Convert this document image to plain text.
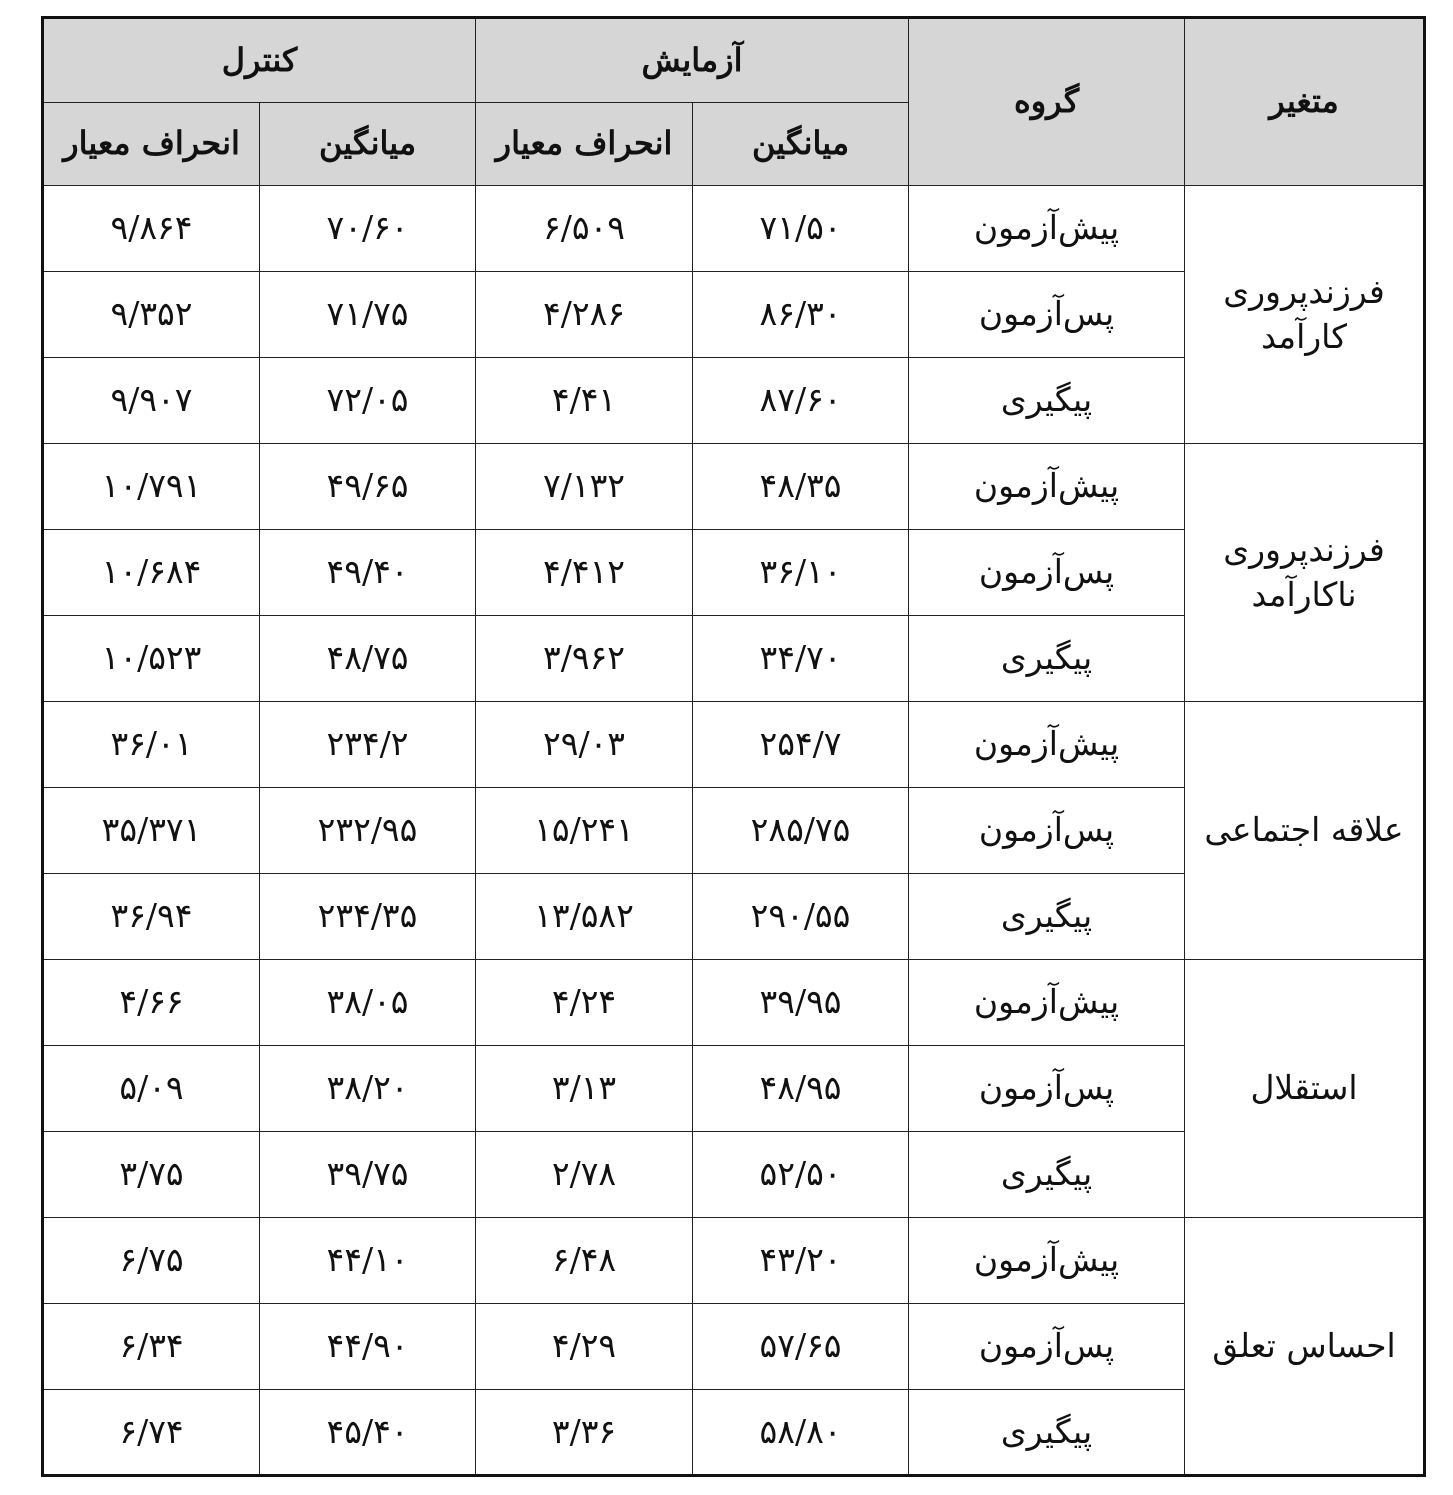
متغیر	گروه	آزمایش		کنترل	
		میانگین	انحراف معیار	میانگین	انحراف معیار
فرزندپروری
کارآمد	پیش‌آزمون	۷۱/۵۰	۶/۵۰۹	۷۰/۶۰	۹/۸۶۴
	پس‌آزمون	۸۶/۳۰	۴/۲۸۶	۷۱/۷۵	۹/۳۵۲
	پیگیری	۸۷/۶۰	۴/۴۱	۷۲/۰۵	۹/۹۰۷
فرزندپروری
ناکارآمد	پیش‌آزمون	۴۸/۳۵	۷/۱۳۲	۴۹/۶۵	۱۰/۷۹۱
	پس‌آزمون	۳۶/۱۰	۴/۴۱۲	۴۹/۴۰	۱۰/۶۸۴
	پیگیری	۳۴/۷۰	۳/۹۶۲	۴۸/۷۵	۱۰/۵۲۳
علاقه اجتماعی	پیش‌آزمون	۲۵۴/۷	۲۹/۰۳	۲۳۴/۲	۳۶/۰۱
	پس‌آزمون	۲۸۵/۷۵	۱۵/۲۴۱	۲۳۲/۹۵	۳۵/۳۷۱
	پیگیری	۲۹۰/۵۵	۱۳/۵۸۲	۲۳۴/۳۵	۳۶/۹۴
استقلال	پیش‌آزمون	۳۹/۹۵	۴/۲۴	۳۸/۰۵	۴/۶۶
	پس‌آزمون	۴۸/۹۵	۳/۱۳	۳۸/۲۰	۵/۰۹
	پیگیری	۵۲/۵۰	۲/۷۸	۳۹/۷۵	۳/۷۵
احساس تعلق	پیش‌آزمون	۴۳/۲۰	۶/۴۸	۴۴/۱۰	۶/۷۵
	پس‌آزمون	۵۷/۶۵	۴/۲۹	۴۴/۹۰	۶/۳۴
	پیگیری	۵۸/۸۰	۳/۳۶	۴۵/۴۰	۶/۷۴
